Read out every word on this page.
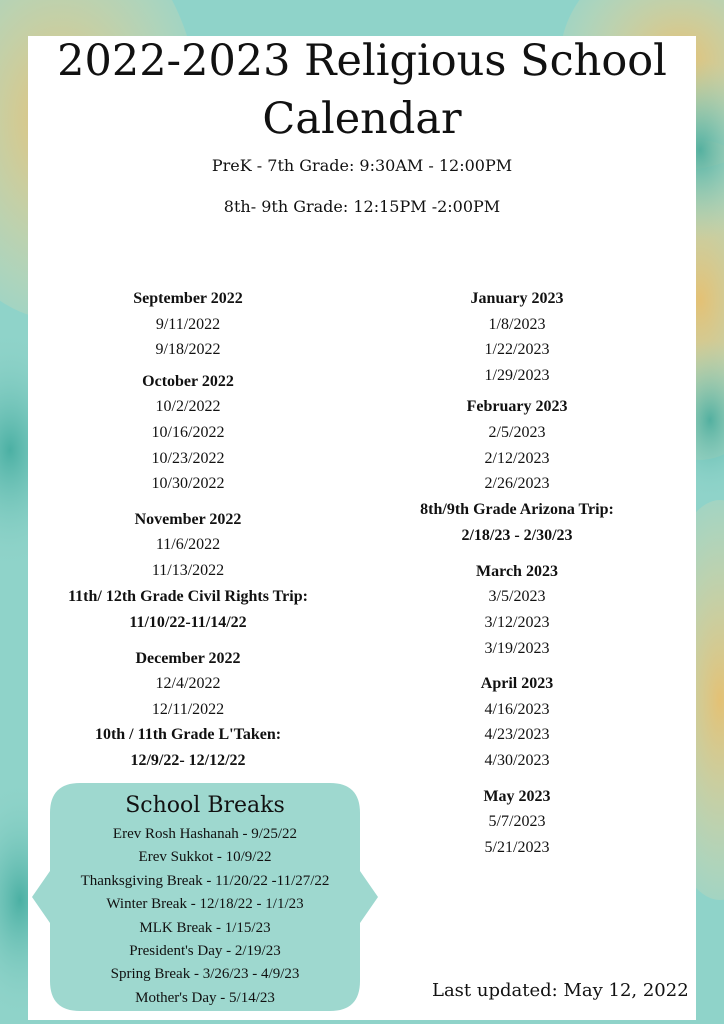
2022-2023 Religious School
Calendar
PreK - 7th Grade: 9:30AM - 12:00PM
8th- 9th Grade: 12:15PM -2:00PM
September 2022
9/11/2022
9/18/2022
October 2022
10/2/2022
10/16/2022
10/23/2022
10/30/2022
November 2022
11/6/2022
11/13/2022
11th/ 12th Grade Civil Rights Trip:
11/10/22-11/14/22
December 2022
12/4/2022
12/11/2022
10th / 11th Grade L'Taken:
12/9/22- 12/12/22
January 2023
1/8/2023
1/22/2023
1/29/2023
February 2023
2/5/2023
2/12/2023
2/26/2023
8th/9th Grade Arizona Trip:
2/18/23 - 2/30/23
March 2023
3/5/2023
3/12/2023
3/19/2023
April 2023
4/16/2023
4/23/2023
4/30/2023
May 2023
5/7/2023
5/21/2023
School Breaks
Erev Rosh Hashanah - 9/25/22
Erev Sukkot - 10/9/22
Thanksgiving Break - 11/20/22 -11/27/22
Winter Break - 12/18/22 - 1/1/23
MLK Break - 1/15/23
President's Day - 2/19/23
Spring Break - 3/26/23 - 4/9/23
Mother's Day - 5/14/23	Last updated: May 12, 2022
